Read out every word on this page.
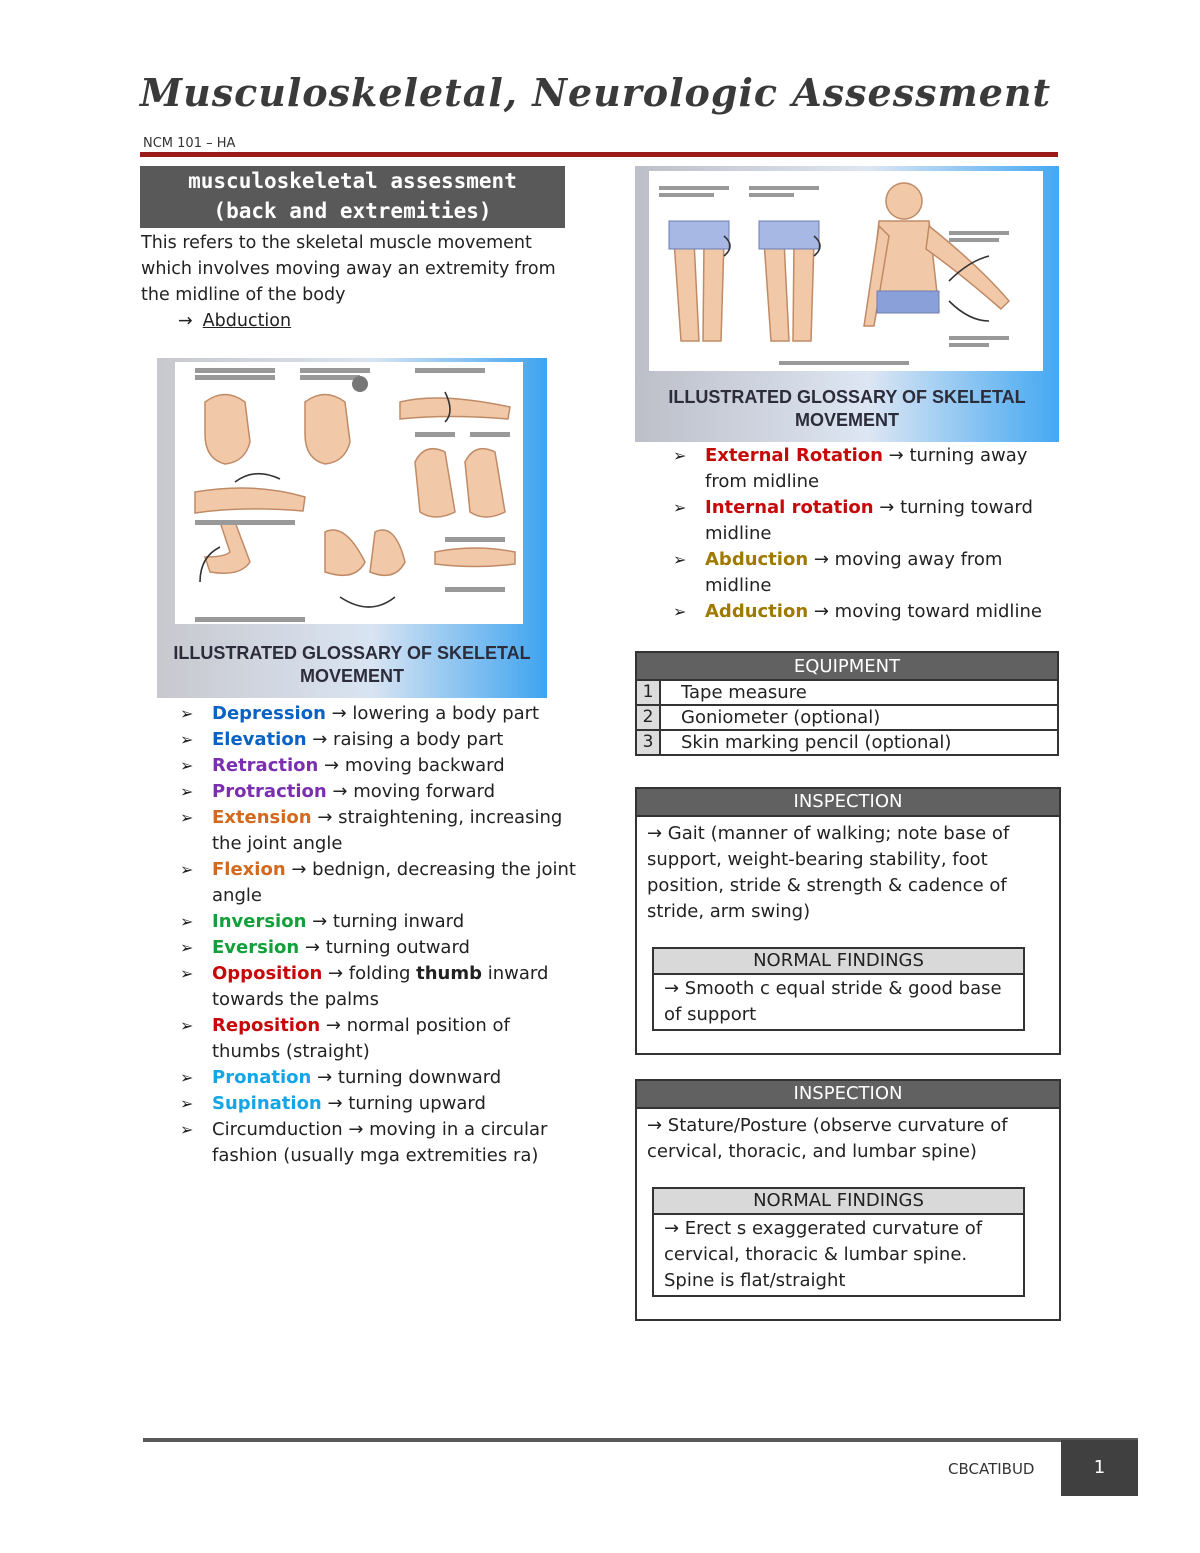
Musculoskeletal, Neurologic Assessment
NCM 101 – HA
musculoskeletal assessment
(back and extremities)
This refers to the skeletal muscle movement which involves moving away an extremity from the midline of the body
→ Abduction
ILLUSTRATED GLOSSARY OF SKELETAL
MOVEMENT
ILLUSTRATED GLOSSARY OF SKELETAL
MOVEMENT
➢ Depression → lowering a body part
➢ Elevation → raising a body part
➢ Retraction → moving backward
➢ Protraction → moving forward
➢ Extension → straightening, increasing the joint angle
➢ Flexion → bednign, decreasing the joint angle
➢ Inversion → turning inward
➢ Eversion → turning outward
➢ Opposition → folding thumb inward towards the palms
➢ Reposition → normal position of thumbs (straight)
➢ Pronation → turning downward
➢ Supination → turning upward
➢ Circumduction → moving in a circular fashion (usually mga extremities ra)
➢ External Rotation → turning away from midline
➢ Internal rotation → turning toward midline
➢ Abduction → moving away from midline
➢ Adduction → moving toward midline
EQUIPMENT	
1	Tape measure
2	Goniometer (optional)
3	Skin marking pencil (optional)
INSPECTION
→ Gait (manner of walking; note base of support, weight-bearing stability, foot position, stride & strength & cadence of stride, arm swing)
NORMAL FINDINGS
→ Smooth c equal stride & good base of support
INSPECTION
→ Stature/Posture (observe curvature of cervical, thoracic, and lumbar spine)
NORMAL FINDINGS
→ Erect s exaggerated curvature of cervical, thoracic & lumbar spine. Spine is flat/straight
CBCATIBUD	1
